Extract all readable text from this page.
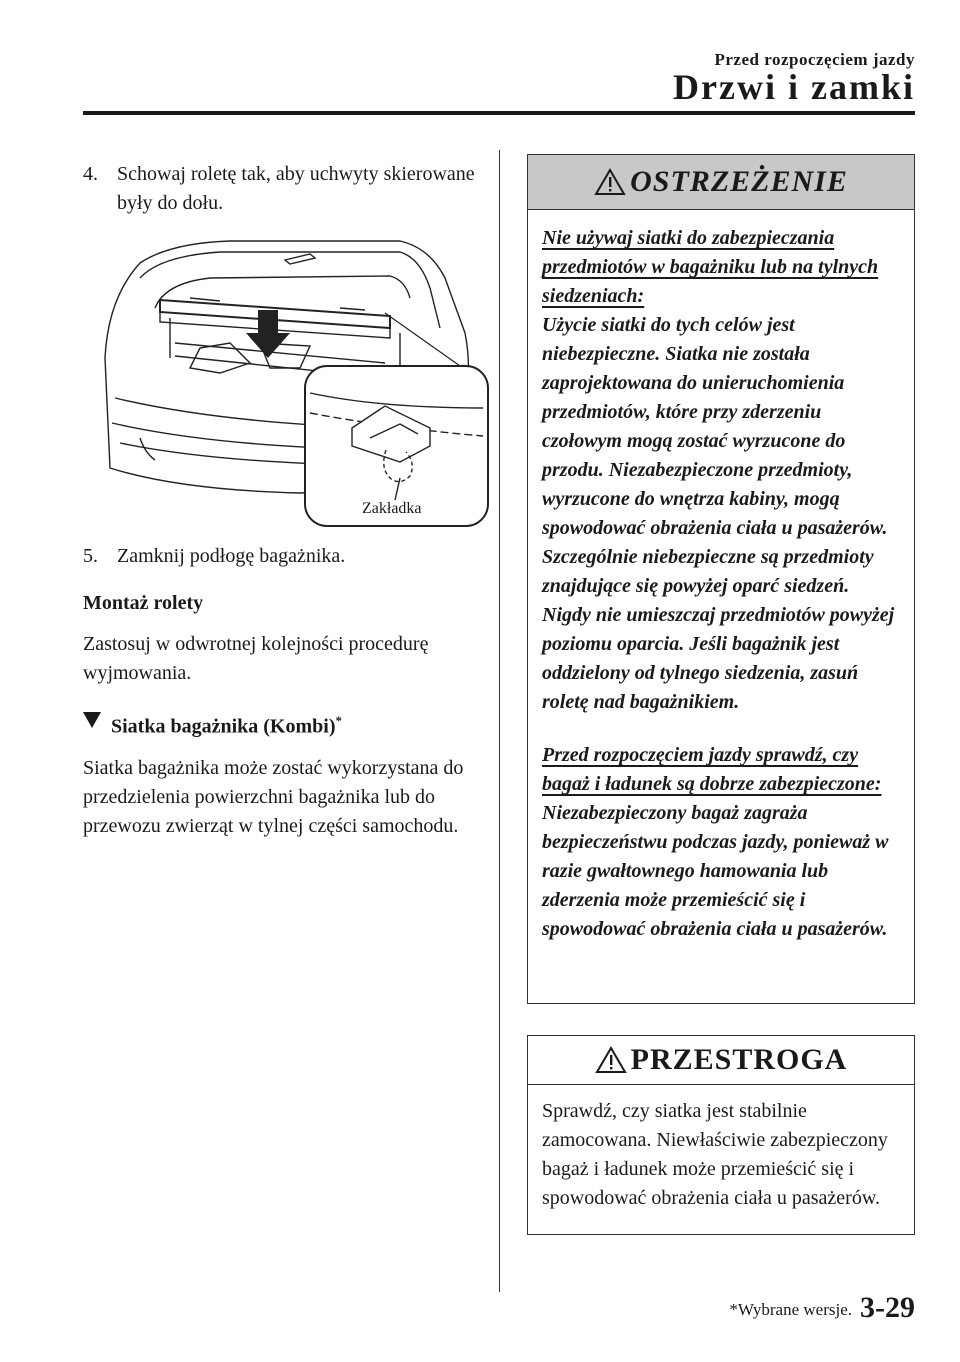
Przed rozpoczęciem jazdy
Drzwi i zamki
4. Schowaj roletę tak, aby uchwyty skierowane były do dołu.
Zakładka
5. Zamknij podłogę bagażnika.
Montaż rolety
Zastosuj w odwrotnej kolejności procedurę wyjmowania.
Siatka bagażnika (Kombi)*
Siatka bagażnika może zostać wykorzystana do przedzielenia powierzchni bagażnika lub do przewozu zwierząt w tylnej części samochodu.
OSTRZEŻENIE
Nie używaj siatki do zabezpieczania przedmiotów w bagażniku lub na tylnych siedzeniach:
Użycie siatki do tych celów jest niebezpieczne. Siatka nie została zaprojektowana do unieruchomienia przedmiotów, które przy zderzeniu czołowym mogą zostać wyrzucone do przodu. Niezabezpieczone przedmioty, wyrzucone do wnętrza kabiny, mogą spowodować obrażenia ciała u pasażerów. Szczególnie niebezpieczne są przedmioty znajdujące się powyżej oparć siedzeń. Nigdy nie umieszczaj przedmiotów powyżej poziomu oparcia. Jeśli bagażnik jest oddzielony od tylnego siedzenia, zasuń roletę nad bagażnikiem.
Przed rozpoczęciem jazdy sprawdź, czy bagaż i ładunek są dobrze zabezpieczone:
Niezabezpieczony bagaż zagraża bezpieczeństwu podczas jazdy, ponieważ w razie gwałtownego hamowania lub zderzenia może przemieścić się i spowodować obrażenia ciała u pasażerów.
PRZESTROGA
Sprawdź, czy siatka jest stabilnie zamocowana. Niewłaściwie zabezpieczony bagaż i ładunek może przemieścić się i spowodować obrażenia ciała u pasażerów.
*Wybrane wersje. 3-29
